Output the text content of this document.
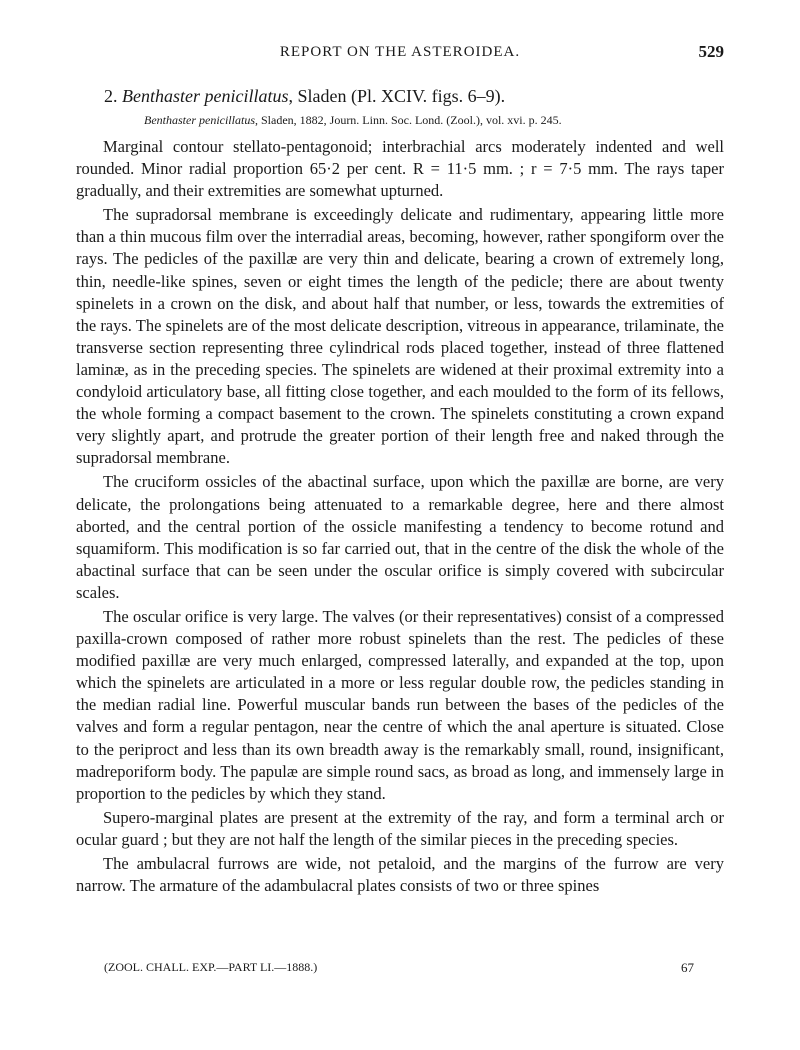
REPORT ON THE ASTEROIDEA.	529
2. Benthaster penicillatus, Sladen (Pl. XCIV. figs. 6–9).
Benthaster penicillatus, Sladen, 1882, Journ. Linn. Soc. Lond. (Zool.), vol. xvi. p. 245.

Marginal contour stellato-pentagonoid; interbrachial arcs moderately indented and well rounded. Minor radial proportion 65·2 per cent. R = 11·5 mm. ; r = 7·5 mm. The rays taper gradually, and their extremities are somewhat upturned.

The supradorsal membrane is exceedingly delicate and rudimentary, appearing little more than a thin mucous film over the interradial areas, becoming, however, rather spongiform over the rays. The pedicles of the paxillæ are very thin and delicate, bearing a crown of extremely long, thin, needle-like spines, seven or eight times the length of the pedicle; there are about twenty spinelets in a crown on the disk, and about half that number, or less, towards the extremities of the rays. The spinelets are of the most delicate description, vitreous in appearance, trilaminate, the transverse section representing three cylindrical rods placed together, instead of three flattened laminæ, as in the preceding species. The spinelets are widened at their proximal extremity into a condyloid articulatory base, all fitting close together, and each moulded to the form of its fellows, the whole forming a compact basement to the crown. The spinelets constituting a crown expand very slightly apart, and protrude the greater portion of their length free and naked through the supradorsal membrane.

The cruciform ossicles of the abactinal surface, upon which the paxillæ are borne, are very delicate, the prolongations being attenuated to a remarkable degree, here and there almost aborted, and the central portion of the ossicle manifesting a tendency to become rotund and squamiform. This modification is so far carried out, that in the centre of the disk the whole of the abactinal surface that can be seen under the oscular orifice is simply covered with subcircular scales.

The oscular orifice is very large. The valves (or their representatives) consist of a compressed paxilla-crown composed of rather more robust spinelets than the rest. The pedicles of these modified paxillæ are very much enlarged, compressed laterally, and expanded at the top, upon which the spinelets are articulated in a more or less regular double row, the pedicles standing in the median radial line. Powerful muscular bands run between the bases of the pedicles of the valves and form a regular pentagon, near the centre of which the anal aperture is situated. Close to the periproct and less than its own breadth away is the remarkably small, round, insignificant, madreporiform body. The papulæ are simple round sacs, as broad as long, and immensely large in proportion to the pedicles by which they stand.

Supero-marginal plates are present at the extremity of the ray, and form a terminal arch or ocular guard ; but they are not half the length of the similar pieces in the preceding species.

The ambulacral furrows are wide, not petaloid, and the margins of the furrow are very narrow. The armature of the adambulacral plates consists of two or three spines

(ZOOL. CHALL. EXP.—PART LI.—1888.)	67
